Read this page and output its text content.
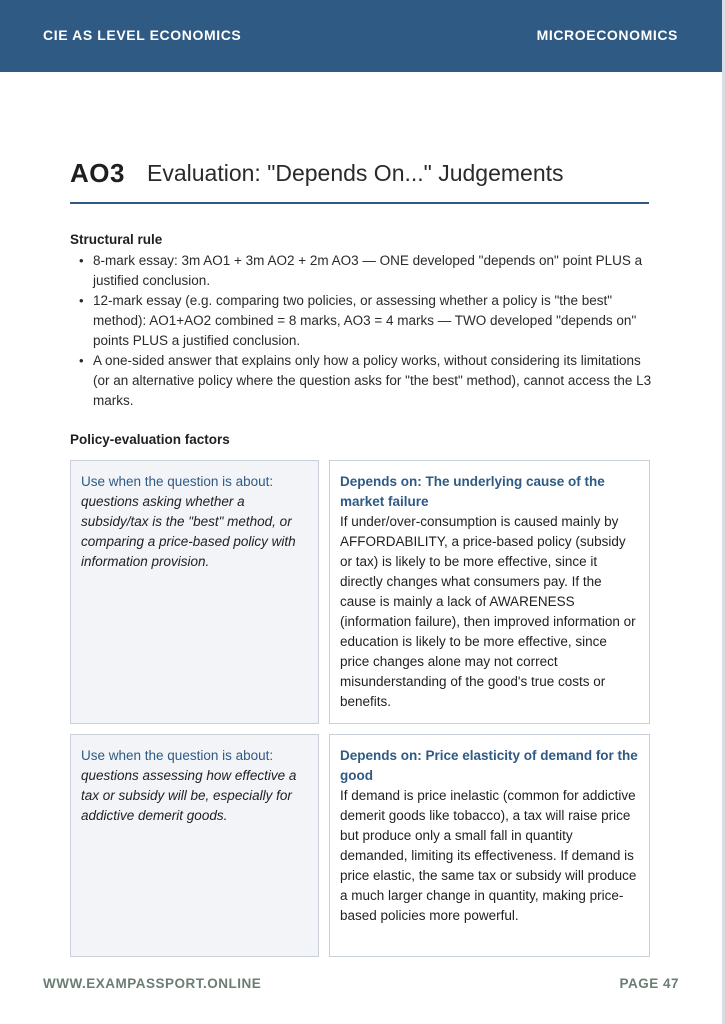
CIE AS LEVEL ECONOMICS	MICROECONOMICS
AO3 Evaluation: "Depends On..." Judgements
Structural rule
• 8-mark essay: 3m AO1 + 3m AO2 + 2m AO3 — ONE developed "depends on" point PLUS a justified conclusion.
• 12-mark essay (e.g. comparing two policies, or assessing whether a policy is "the best" method): AO1+AO2 combined = 8 marks, AO3 = 4 marks — TWO developed "depends on" points PLUS a justified conclusion.
• A one-sided answer that explains only how a policy works, without considering its limitations (or an alternative policy where the question asks for "the best" method), cannot access the L3 marks.
Policy-evaluation factors
Use when the question is about:
questions asking whether a subsidy/tax is the "best" method, or comparing a price-based policy with information provision.
Depends on: The underlying cause of the market failure
If under/over-consumption is caused mainly by AFFORDABILITY, a price-based policy (subsidy or tax) is likely to be more effective, since it directly changes what consumers pay. If the cause is mainly a lack of AWARENESS (information failure), then improved information or education is likely to be more effective, since price changes alone may not correct misunderstanding of the good's true costs or benefits.
Use when the question is about:
questions assessing how effective a tax or subsidy will be, especially for addictive demerit goods.
Depends on: Price elasticity of demand for the good
If demand is price inelastic (common for addictive demerit goods like tobacco), a tax will raise price but produce only a small fall in quantity demanded, limiting its effectiveness. If demand is price elastic, the same tax or subsidy will produce a much larger change in quantity, making price-based policies more powerful.
WWW.EXAMPASSPORT.ONLINE	PAGE 47
